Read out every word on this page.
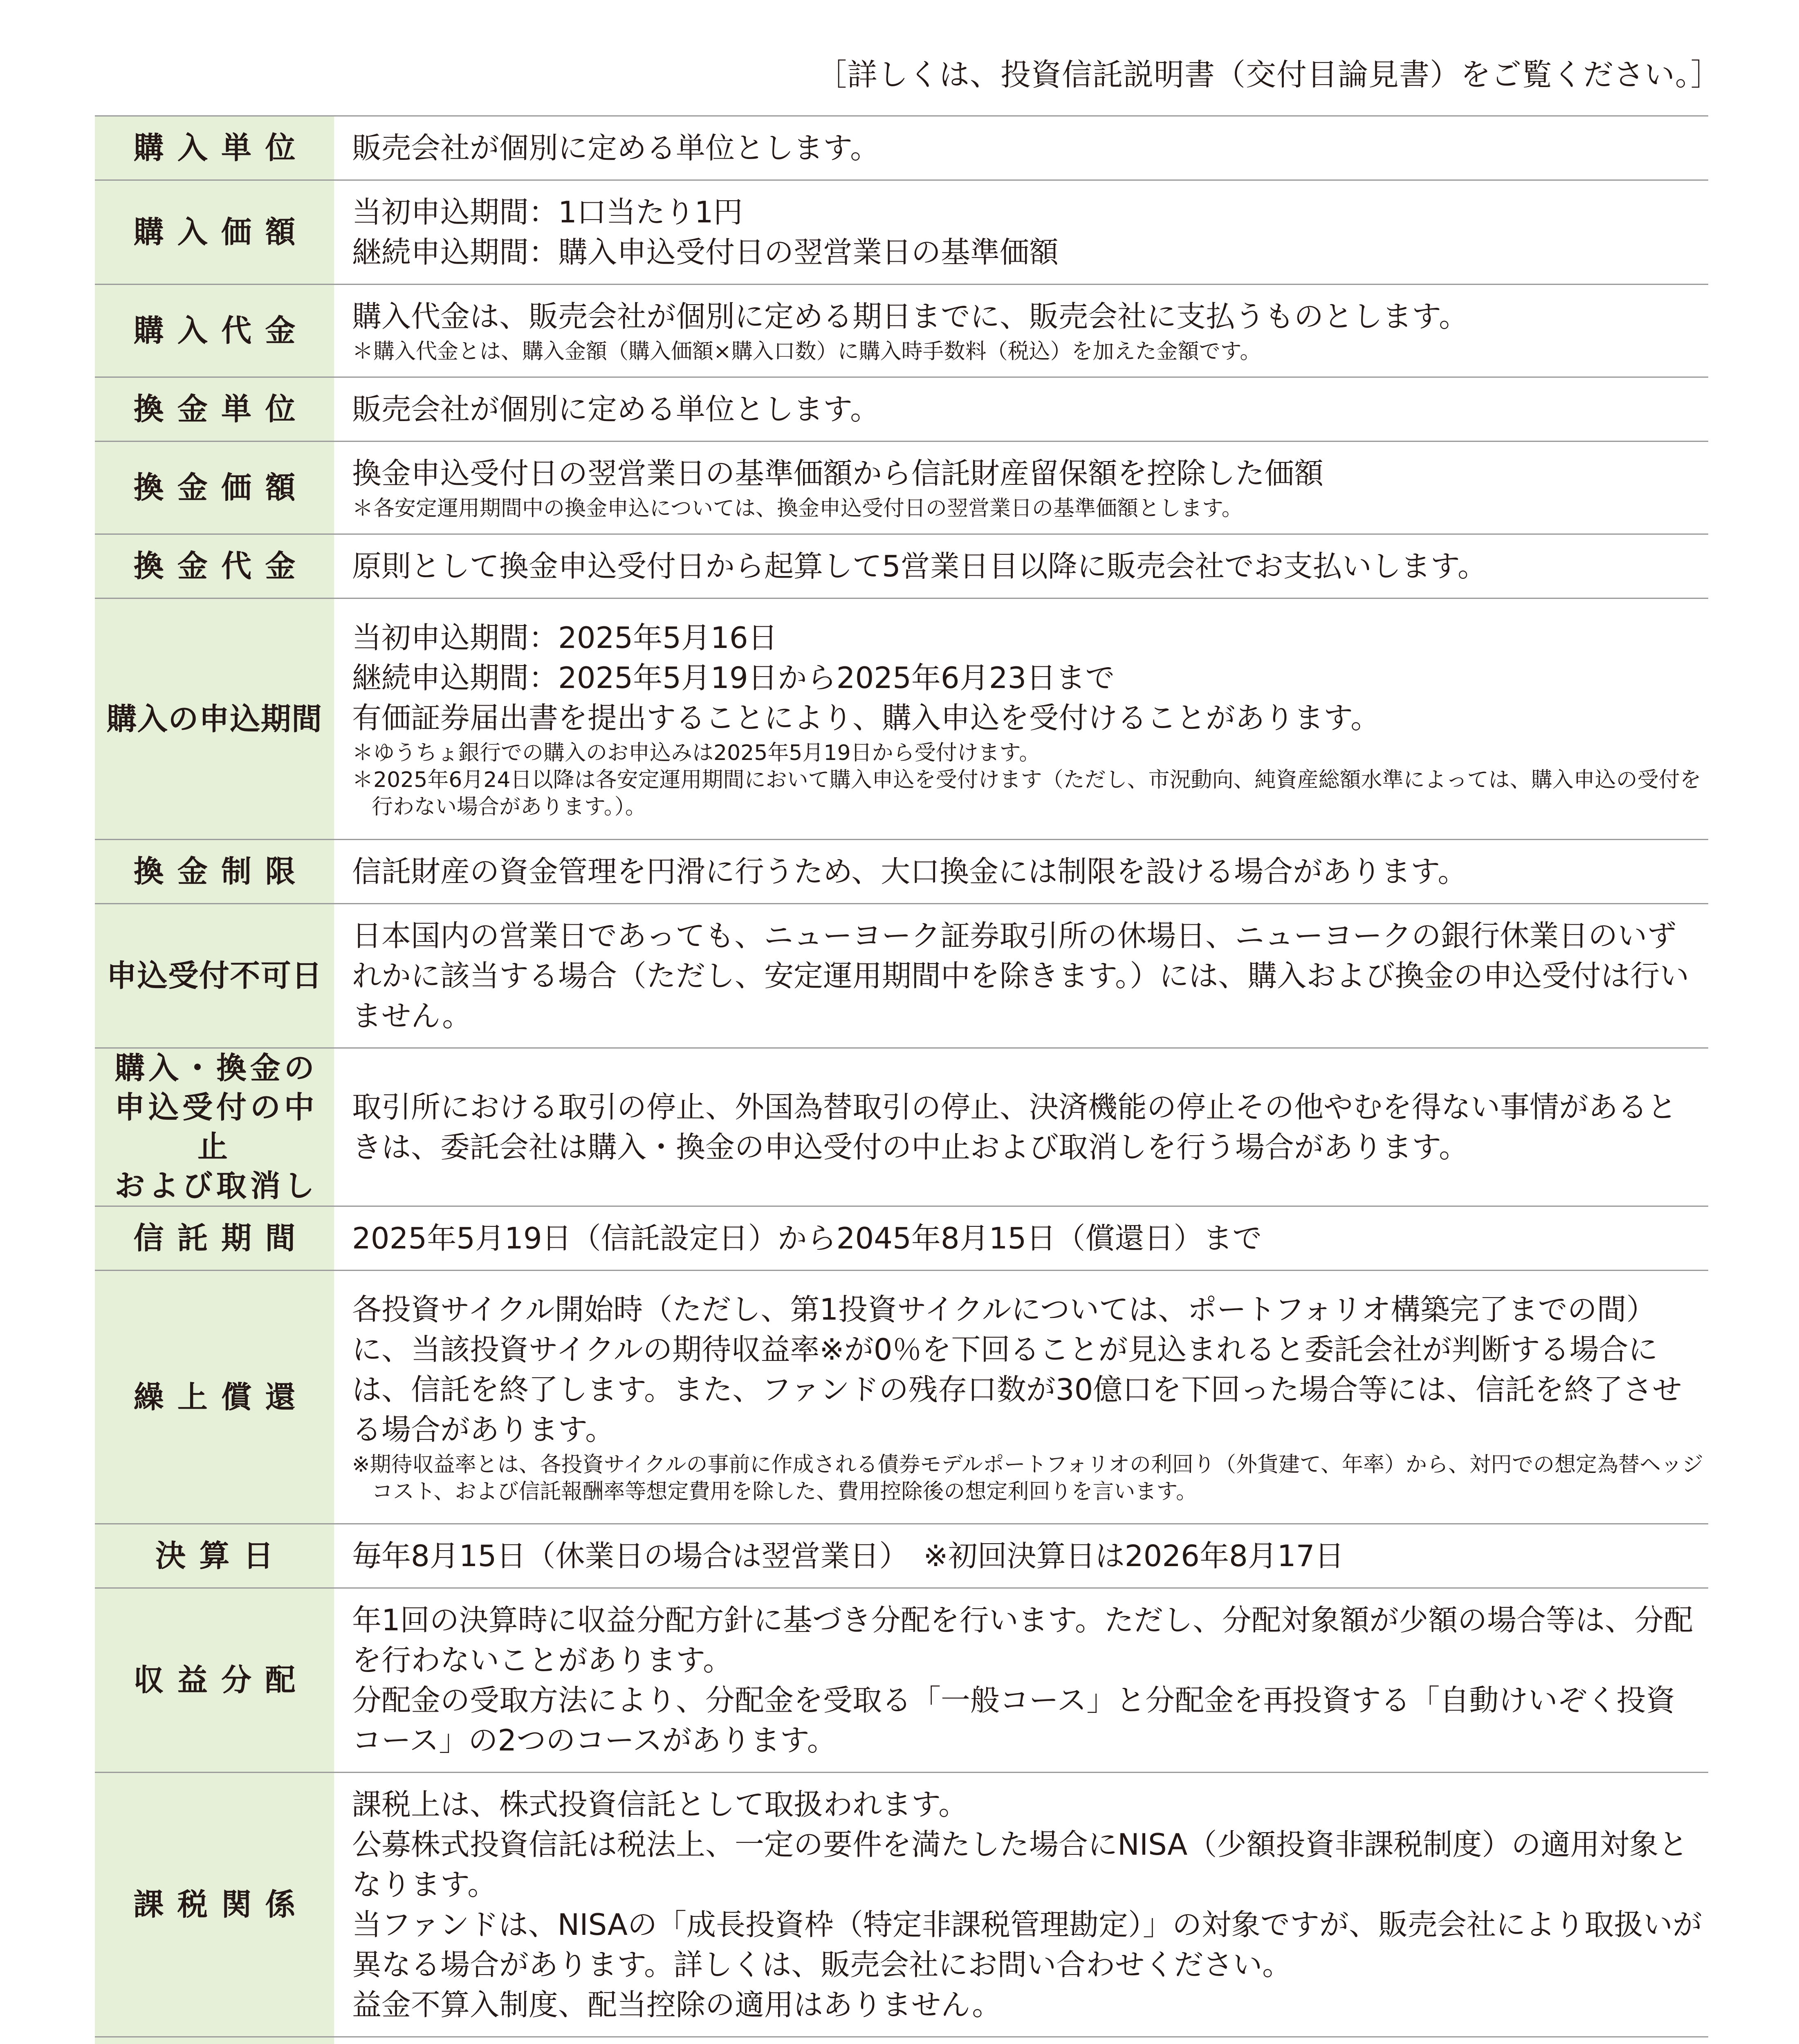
［詳しくは、投資信託説明書（交付目論見書）をご覧ください。］
購入単位	販売会社が個別に定める単位とします。

購入価額	当初申込期間：1口当たり1円
継続申込期間：購入申込受付日の翌営業日の基準価額

購入代金	購入代金は、販売会社が個別に定める期日までに、販売会社に支払うものとします。
＊購入代金とは、購入金額（購入価額×購入口数）に購入時手数料（税込）を加えた金額です。

換金単位	販売会社が個別に定める単位とします。

換金価額	換金申込受付日の翌営業日の基準価額から信託財産留保額を控除した価額
＊各安定運用期間中の換金申込については、換金申込受付日の翌営業日の基準価額とします。

換金代金	原則として換金申込受付日から起算して5営業日目以降に販売会社でお支払いします。

購入の申込期間	当初申込期間：2025年5月16日
継続申込期間：2025年5月19日から2025年6月23日まで
有価証券届出書を提出することにより、購入申込を受付けることがあります。
＊ゆうちょ銀行での購入のお申込みは2025年5月19日から受付けます。
＊2025年6月24日以降は各安定運用期間において購入申込を受付けます（ただし、市況動向、純資産総額水準によっては、購入申込の受付を行わない場合があります。）。

換金制限	信託財産の資金管理を円滑に行うため、大口換金には制限を設ける場合があります。

申込受付不可日	日本国内の営業日であっても、ニューヨーク証券取引所の休場日、ニューヨークの銀行休業日のいずれかに該当する場合（ただし、安定運用期間中を除きます。）には、購入および換金の申込受付は行いません。

購入・換金の
申込受付の中止
および取消し	取引所における取引の停止、外国為替取引の停止、決済機能の停止その他やむを得ない事情があるときは、委託会社は購入・換金の申込受付の中止および取消しを行う場合があります。

信託期間	2025年5月19日（信託設定日）から2045年8月15日（償還日）まで

繰上償還	各投資サイクル開始時（ただし、第1投資サイクルについては、ポートフォリオ構築完了までの間）に、当該投資サイクルの期待収益率※が0％を下回ることが見込まれると委託会社が判断する場合には、信託を終了します。また、ファンドの残存口数が30億口を下回った場合等には、信託を終了させる場合があります。
※期待収益率とは、各投資サイクルの事前に作成される債券モデルポートフォリオの利回り（外貨建て、年率）から、対円での想定為替ヘッジコスト、および信託報酬率等想定費用を除した、費用控除後の想定利回りを言います。

決算日	毎年8月15日（休業日の場合は翌営業日）　※初回決算日は2026年8月17日

収益分配	年1回の決算時に収益分配方針に基づき分配を行います。ただし、分配対象額が少額の場合等は、分配を行わないことがあります。
分配金の受取方法により、分配金を受取る「一般コース」と分配金を再投資する「自動けいぞく投資コース」の2つのコースがあります。

課税関係	課税上は、株式投資信託として取扱われます。
公募株式投資信託は税法上、一定の要件を満たした場合にNISA（少額投資非課税制度）の適用対象となります。
当ファンドは、NISAの「成長投資枠（特定非課税管理勘定）」の対象ですが、販売会社により取扱いが異なる場合があります。詳しくは、販売会社にお問い合わせください。
益金不算入制度、配当控除の適用はありません。
